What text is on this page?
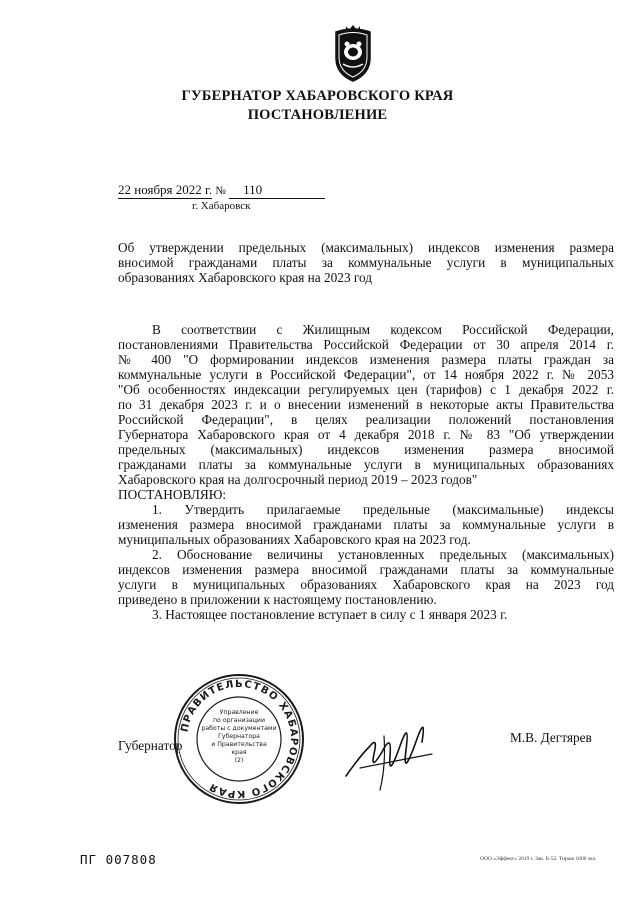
ГУБЕРНАТОР ХАБАРОВСКОГО КРАЯ
ПОСТАНОВЛЕНИЕ
22 ноября 2022 г. № 110
г. Хабаровск
Об утверждении предельных (максимальных) индексов изменения размера
вносимой гражданами платы за коммунальные услуги в муниципальных
образованиях Хабаровского края на 2023 год
В соответствии с Жилищным кодексом Российской Федерации,
постановлениями Правительства Российской Федерации от 30 апреля 2014 г.
№ 400 "О формировании индексов изменения размера платы граждан за
коммунальные услуги в Российской Федерации", от 14 ноября 2022 г. № 2053
"Об особенностях индексации регулируемых цен (тарифов) с 1 декабря 2022 г.
по 31 декабря 2023 г. и о внесении изменений в некоторые акты Правительства
Российской Федерации", в целях реализации положений постановления
Губернатора Хабаровского края от 4 декабря 2018 г. № 83 "Об утверждении
предельных (максимальных) индексов изменения размера вносимой
гражданами платы за коммунальные услуги в муниципальных образованиях
Хабаровского края на долгосрочный период 2019 – 2023 годов"
ПОСТАНОВЛЯЮ:
1. Утвердить прилагаемые предельные (максимальные) индексы
изменения размера вносимой гражданами платы за коммунальные услуги в
муниципальных образованиях Хабаровского края на 2023 год.
2. Обоснование величины установленных предельных (максимальных)
индексов изменения размера вносимой гражданами платы за коммунальные
услуги в муниципальных образованиях Хабаровского края на 2023 год
приведено в приложении к настоящему постановлению.
3. Настоящее постановление вступает в силу с 1 января 2023 г.
ПРАВИТЕЛЬСТВО ХАБАРОВСКОГО КРАЯ
Управление
по организации
работы с документами
Губернатора
и Правительства
края
(2)
Губернатор
М.В. Дегтярев
ПГ 007808	ООО «Эффект» 2019 г. Зак. Б-52. Тираж 1000 экз.
